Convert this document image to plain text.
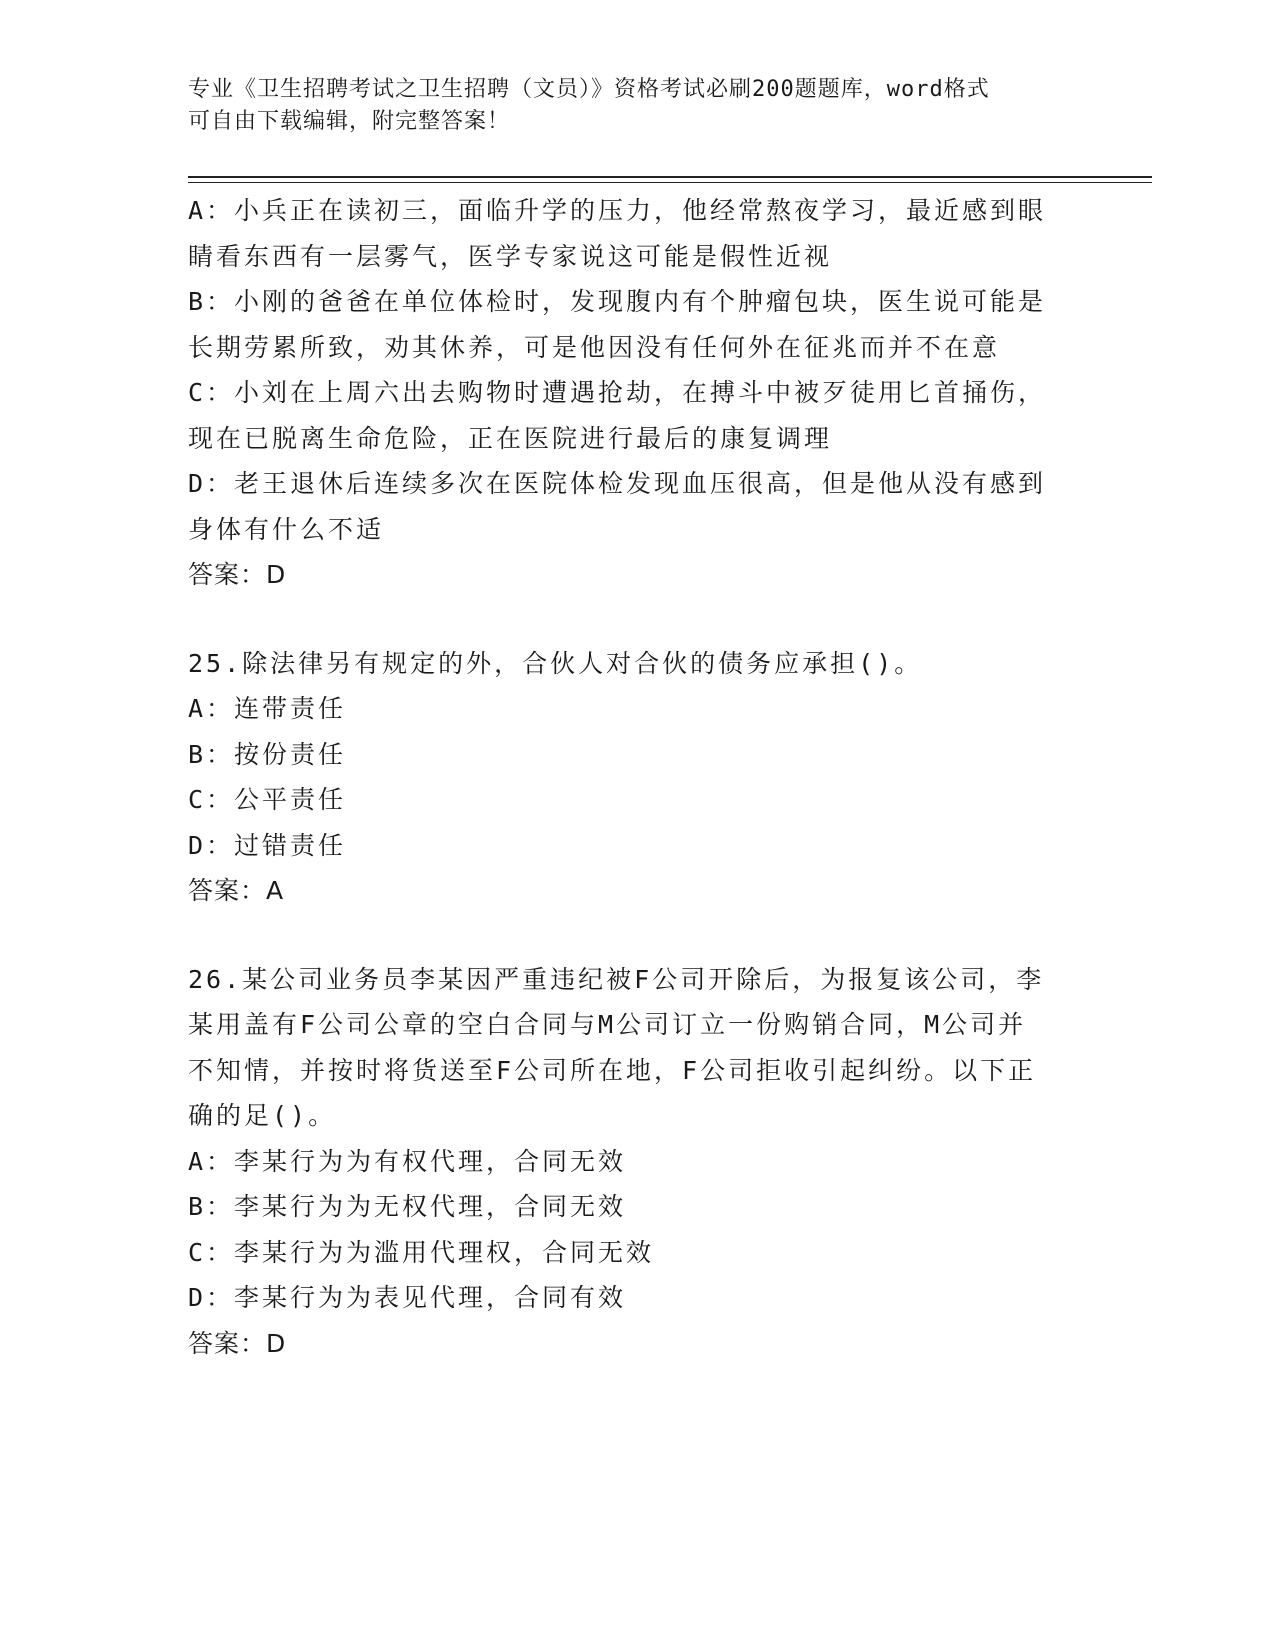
专业《卫生招聘考试之卫生招聘（文员）》资格考试必刷200题题库，word格式
可自由下载编辑，附完整答案！
A：小兵正在读初三，面临升学的压力，他经常熬夜学习，最近感到眼
睛看东西有一层雾气，医学专家说这可能是假性近视
B：小刚的爸爸在单位体检时，发现腹内有个肿瘤包块，医生说可能是
长期劳累所致，劝其休养，可是他因没有任何外在征兆而并不在意
C：小刘在上周六出去购物时遭遇抢劫，在搏斗中被歹徒用匕首捅伤，
现在已脱离生命危险，正在医院进行最后的康复调理
D：老王退休后连续多次在医院体检发现血压很高，但是他从没有感到
身体有什么不适
答案：D
25.除法律另有规定的外，合伙人对合伙的债务应承担()。
A：连带责任
B：按份责任
C：公平责任
D：过错责任
答案：A
26.某公司业务员李某因严重违纪被F公司开除后，为报复该公司，李
某用盖有F公司公章的空白合同与M公司订立一份购销合同，M公司并
不知情，并按时将货送至F公司所在地，F公司拒收引起纠纷。以下正
确的足()。
A：李某行为为有权代理，合同无效
B：李某行为为无权代理，合同无效
C：李某行为为滥用代理权，合同无效
D：李某行为为表见代理，合同有效
答案：D
